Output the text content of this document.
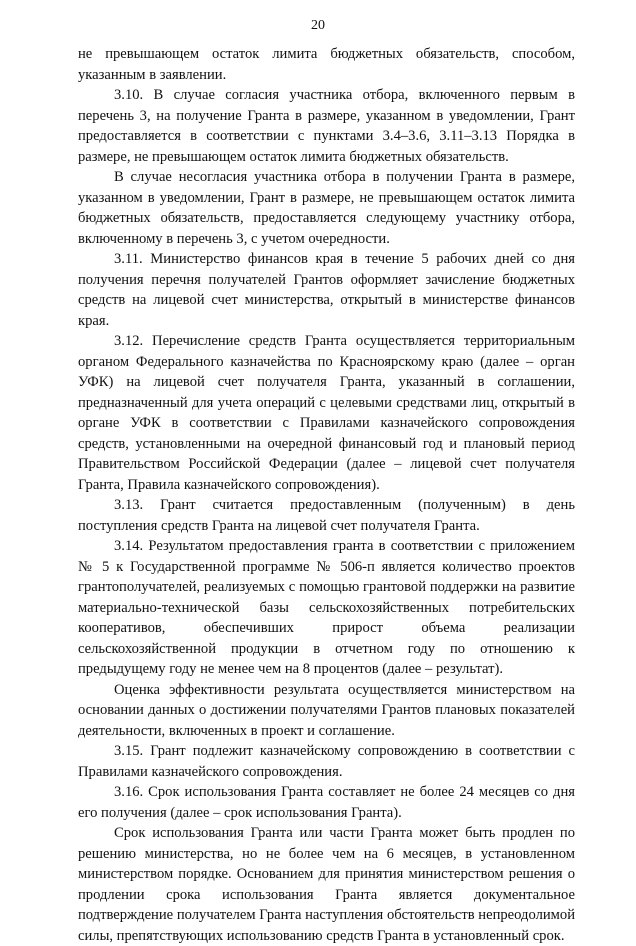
20

не превышающем остаток лимита бюджетных обязательств, способом, указанным в заявлении.

3.10. В случае согласия участника отбора, включенного первым в перечень 3, на получение Гранта в размере, указанном в уведомлении, Грант предоставляется в соответствии с пунктами 3.4–3.6, 3.11–3.13 Порядка в размере, не превышающем остаток лимита бюджетных обязательств.

В случае несогласия участника отбора в получении Гранта в размере, указанном в уведомлении, Грант в размере, не превышающем остаток лимита бюджетных обязательств, предоставляется следующему участнику отбора, включенному в перечень 3, с учетом очередности.

3.11. Министерство финансов края в течение 5 рабочих дней со дня получения перечня получателей Грантов оформляет зачисление бюджетных средств на лицевой счет министерства, открытый в министерстве финансов края.

3.12. Перечисление средств Гранта осуществляется территориальным органом Федерального казначейства по Красноярскому краю (далее – орган УФК) на лицевой счет получателя Гранта, указанный в соглашении, предназначенный для учета операций с целевыми средствами лиц, открытый в органе УФК в соответствии с Правилами казначейского сопровождения средств, установленными на очередной финансовый год и плановый период Правительством Российской Федерации (далее – лицевой счет получателя Гранта, Правила казначейского сопровождения).

3.13. Грант считается предоставленным (полученным) в день поступления средств Гранта на лицевой счет получателя Гранта.

3.14. Результатом предоставления гранта в соответствии с приложением № 5 к Государственной программе № 506-п является количество проектов грантополучателей, реализуемых с помощью грантовой поддержки на развитие материально-технической базы сельскохозяйственных потребительских кооперативов, обеспечивших прирост объема реализации сельскохозяйственной продукции в отчетном году по отношению к предыдущему году не менее чем на 8 процентов (далее – результат).

Оценка эффективности результата осуществляется министерством на основании данных о достижении получателями Грантов плановых показателей деятельности, включенных в проект и соглашение.

3.15. Грант подлежит казначейскому сопровождению в соответствии с Правилами казначейского сопровождения.

3.16. Срок использования Гранта составляет не более 24 месяцев со дня его получения (далее – срок использования Гранта).

Срок использования Гранта или части Гранта может быть продлен по решению министерства, но не более чем на 6 месяцев, в установленном министерством порядке. Основанием для принятия министерством решения о продлении срока использования Гранта является документальное подтверждение получателем Гранта наступления обстоятельств непреодолимой силы, препятствующих использованию средств Гранта в установленный срок.
